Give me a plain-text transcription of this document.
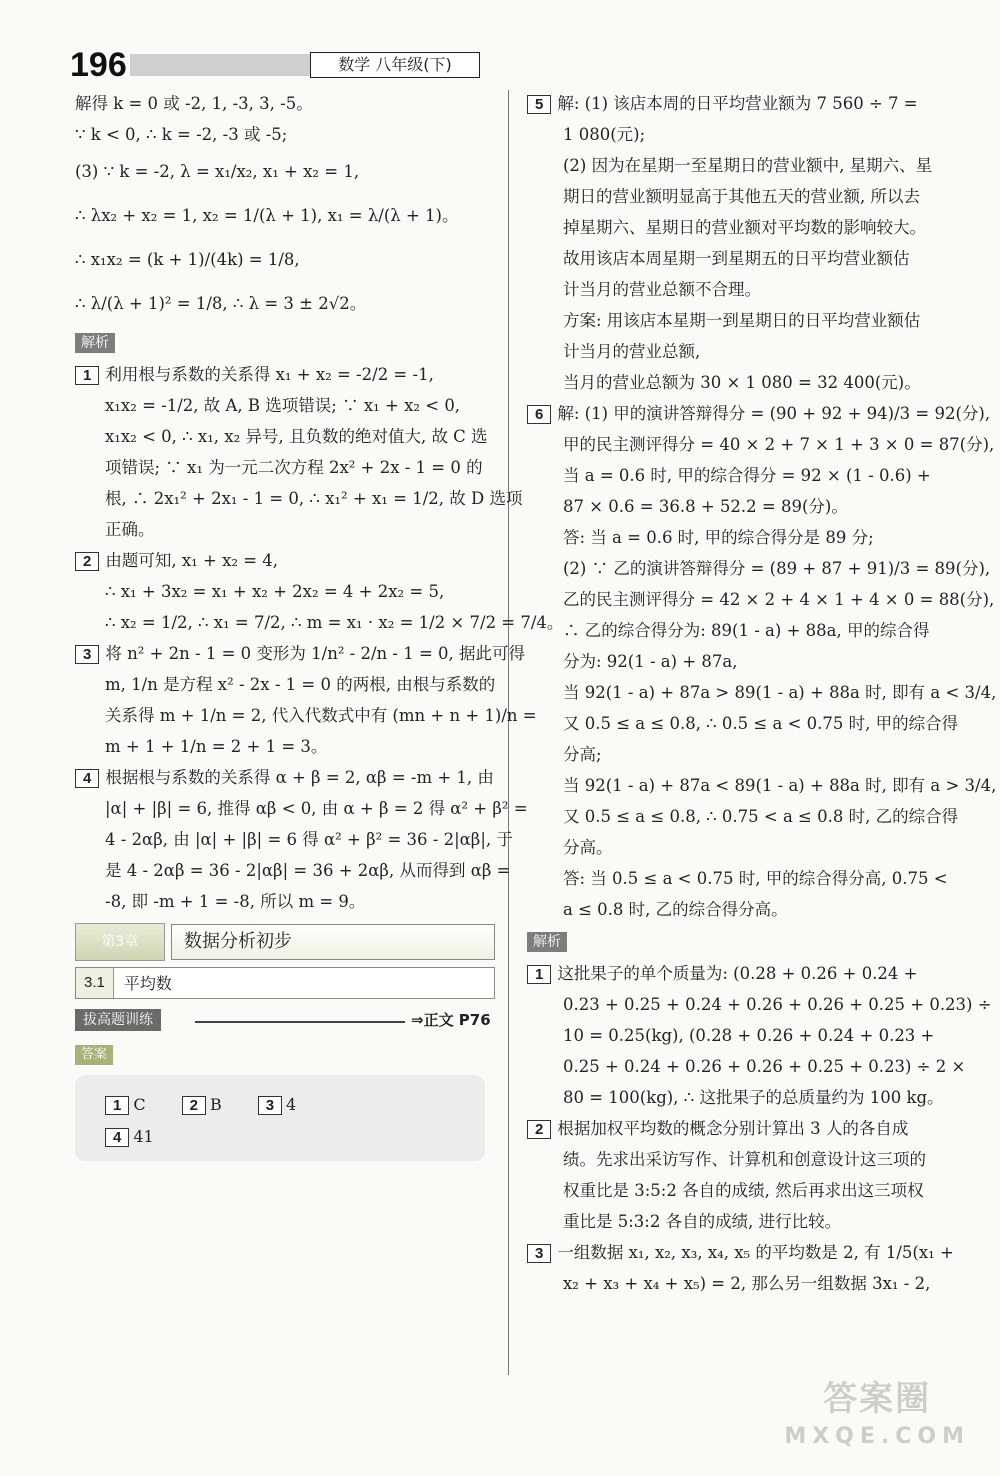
196	数学 八年级(下)
解得 k = 0 或 -2, 1, -3, 3, -5。
∵ k < 0, ∴ k = -2, -3 或 -5;
(3) ∵ k = -2, λ = x₁/x₂, x₁ + x₂ = 1,
∴ λx₂ + x₂ = 1, x₂ = 1/(λ + 1), x₁ = λ/(λ + 1)。
∴ x₁x₂ = (k + 1)/(4k) = 1/8,
∴ λ/(λ + 1)² = 1/8, ∴ λ = 3 ± 2√2。
解析
1 利用根与系数的关系得 x₁ + x₂ = -2/2 = -1,
x₁x₂ = -1/2, 故 A, B 选项错误; ∵ x₁ + x₂ < 0,
x₁x₂ < 0, ∴ x₁, x₂ 异号, 且负数的绝对值大, 故 C 选
项错误; ∵ x₁ 为一元二次方程 2x² + 2x - 1 = 0 的
根, ∴ 2x₁² + 2x₁ - 1 = 0, ∴ x₁² + x₁ = 1/2, 故 D 选项
正确。
2 由题可知, x₁ + x₂ = 4,
∴ x₁ + 3x₂ = x₁ + x₂ + 2x₂ = 4 + 2x₂ = 5,
∴ x₂ = 1/2, ∴ x₁ = 7/2, ∴ m = x₁ · x₂ = 1/2 × 7/2 = 7/4。
3 将 n² + 2n - 1 = 0 变形为 1/n² - 2/n - 1 = 0, 据此可得
m, 1/n 是方程 x² - 2x - 1 = 0 的两根, 由根与系数的
关系得 m + 1/n = 2, 代入代数式中有 (mn + n + 1)/n =
m + 1 + 1/n = 2 + 1 = 3。
4 根据根与系数的关系得 α + β = 2, αβ = -m + 1, 由
|α| + |β| = 6, 推得 αβ < 0, 由 α + β = 2 得 α² + β² =
4 - 2αβ, 由 |α| + |β| = 6 得 α² + β² = 36 - 2|αβ|, 于
是 4 - 2αβ = 36 - 2|αβ| = 36 + 2αβ, 从而得到 αβ =
-8, 即 -m + 1 = -8, 所以 m = 9。
第3章	数据分析初步
3.1	平均数
拔高题训练	⇒正文 P76
答案
1 C	2 B	3 4
4 41
5 解: (1) 该店本周的日平均营业额为 7 560 ÷ 7 =
1 080(元);
(2) 因为在星期一至星期日的营业额中, 星期六、星
期日的营业额明显高于其他五天的营业额, 所以去
掉星期六、星期日的营业额对平均数的影响较大。
故用该店本周星期一到星期五的日平均营业额估
计当月的营业总额不合理。
方案: 用该店本星期一到星期日的日平均营业额估
计当月的营业总额,
当月的营业总额为 30 × 1 080 = 32 400(元)。
6 解: (1) 甲的演讲答辩得分 = (90 + 92 + 94)/3 = 92(分),
甲的民主测评得分 = 40 × 2 + 7 × 1 + 3 × 0 = 87(分),
当 a = 0.6 时, 甲的综合得分 = 92 × (1 - 0.6) +
87 × 0.6 = 36.8 + 52.2 = 89(分)。
答: 当 a = 0.6 时, 甲的综合得分是 89 分;
(2) ∵ 乙的演讲答辩得分 = (89 + 87 + 91)/3 = 89(分),
乙的民主测评得分 = 42 × 2 + 4 × 1 + 4 × 0 = 88(分),
∴ 乙的综合得分为: 89(1 - a) + 88a, 甲的综合得
分为: 92(1 - a) + 87a,
当 92(1 - a) + 87a > 89(1 - a) + 88a 时, 即有 a < 3/4,
又 0.5 ≤ a ≤ 0.8, ∴ 0.5 ≤ a < 0.75 时, 甲的综合得
分高;
当 92(1 - a) + 87a < 89(1 - a) + 88a 时, 即有 a > 3/4,
又 0.5 ≤ a ≤ 0.8, ∴ 0.75 < a ≤ 0.8 时, 乙的综合得
分高。
答: 当 0.5 ≤ a < 0.75 时, 甲的综合得分高, 0.75 <
a ≤ 0.8 时, 乙的综合得分高。
解析
1 这批果子的单个质量为: (0.28 + 0.26 + 0.24 +
0.23 + 0.25 + 0.24 + 0.26 + 0.26 + 0.25 + 0.23) ÷
10 = 0.25(kg), (0.28 + 0.26 + 0.24 + 0.23 +
0.25 + 0.24 + 0.26 + 0.26 + 0.25 + 0.23) ÷ 2 ×
80 = 100(kg), ∴ 这批果子的总质量约为 100 kg。
2 根据加权平均数的概念分别计算出 3 人的各自成
绩。先求出采访写作、计算机和创意设计这三项的
权重比是 3:5:2 各自的成绩, 然后再求出这三项权
重比是 5:3:2 各自的成绩, 进行比较。
3 一组数据 x₁, x₂, x₃, x₄, x₅ 的平均数是 2, 有 1/5(x₁ +
x₂ + x₃ + x₄ + x₅) = 2, 那么另一组数据 3x₁ - 2,
答案圈
MXQE.COM
